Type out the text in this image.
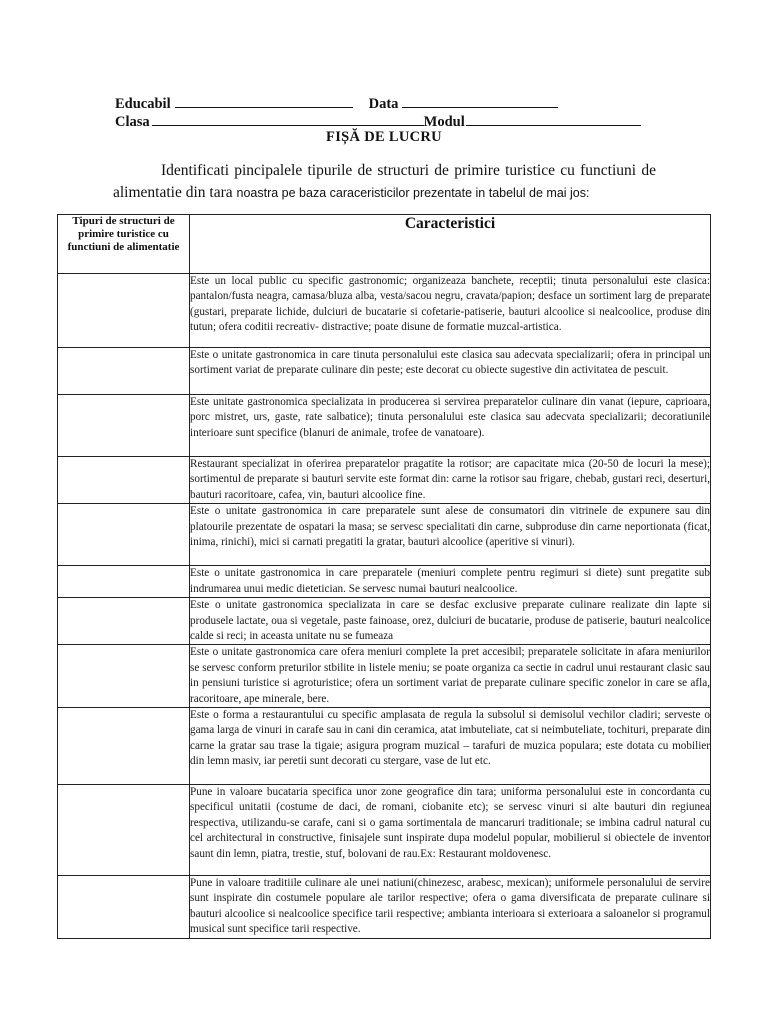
Educabil	Data
Clasa	Modul
FIȘĂ DE LUCRU

Identificati pincipalele tipurile de structuri de primire turistice cu functiuni de alimentatie din tara noastra pe baza caraceristicilor prezentate in tabelul de mai jos:

Tipuri de structuri de primire turistice cu functiuni de alimentatie	Caracteristici
	Este un local public cu specific gastronomic; organizeaza banchete, receptii; tinuta personalului este clasica: pantalon/fusta neagra, camasa/bluza alba, vesta/sacou negru, cravata/papion; desface un sortiment larg de preparate (gustari, preparate lichide, dulciuri de bucatarie si cofetarie-patiserie, bauturi alcoolice si nealcoolice, produse din tutun; ofera coditii recreativ- distractive; poate disune de formatie muzcal-artistica.
	Este o unitate gastronomica in care tinuta personalului este clasica sau adecvata specializarii; ofera in principal un sortiment variat de preparate culinare din peste; este decorat cu obiecte sugestive din activitatea de pescuit.
	Este unitate gastronomica specializata in producerea si servirea preparatelor culinare din vanat (iepure, caprioara, porc mistret, urs, gaste, rate salbatice); tinuta personalului este clasica sau adecvata specializarii; decoratiunile interioare sunt specifice (blanuri de animale, trofee de vanatoare).
	Restaurant specializat in oferirea preparatelor pragatite la rotisor; are capacitate mica (20-50 de locuri la mese); sortimentul de preparate si bauturi servite este format din: carne la rotisor sau frigare, chebab, gustari reci, deserturi, bauturi racoritoare, cafea, vin, bauturi alcoolice fine.
	Este o unitate gastronomica in care preparatele sunt alese de consumatori din vitrinele de expunere sau din platourile prezentate de ospatari la masa; se servesc specialitati din carne, subproduse din carne neportionata (ficat, inima, rinichi), mici si carnati pregatiti la gratar, bauturi alcoolice (aperitive si vinuri).
	Este o unitate gastronomica in care preparatele (meniuri complete pentru regimuri si diete) sunt pregatite sub indrumarea unui medic dietetician. Se servesc numai bauturi nealcoolice.
	Este o unitate gastronomica specializata in care se desfac exclusive preparate culinare realizate din lapte si produsele lactate, oua si vegetale, paste fainoase, orez, dulciuri de bucatarie, produse de patiserie, bauturi nealcolice calde si reci; in aceasta unitate nu se fumeaza
	Este o unitate gastronomica care ofera meniuri complete la pret accesibil; preparatele solicitate in afara meniurilor se servesc conform preturilor stbilite in listele meniu; se poate organiza ca sectie in cadrul unui restaurant clasic sau in pensiuni turistice si agroturistice; ofera un sortiment variat de preparate culinare specific zonelor in care se afla, racoritoare, ape minerale, bere.
	Este o forma a restaurantului cu specific amplasata de regula la subsolul si demisolul vechilor cladiri; serveste o gama larga de vinuri in carafe sau in cani din ceramica, atat imbuteliate, cat si neimbuteliate, tochituri, preparate din carne la gratar sau trase la tigaie; asigura program muzical – tarafuri de muzica populara; este dotata cu mobilier din lemn masiv, iar peretii sunt decorati cu stergare, vase de lut etc.
	Pune in valoare bucataria specifica unor zone geografice din tara; uniforma personalului este in concordanta cu specificul unitatii (costume de daci, de romani, ciobanite etc); se servesc vinuri si alte bauturi din regiunea respectiva, utilizandu-se carafe, cani si o gama sortimentala de mancaruri traditionale; se imbina cadrul natural cu cel architectural in constructive, finisajele sunt inspirate dupa modelul popular, mobilierul si obiectele de inventor saunt din lemn, piatra, trestie, stuf, bolovani de rau.Ex: Restaurant moldovenesc.
	Pune in valoare traditiile culinare ale unei natiuni(chinezesc, arabesc, mexican); uniformele personalului de servire sunt inspirate din costumele populare ale tarilor respective; ofera o gama diversificata de preparate culinare si bauturi alcoolice si nealcoolice specifice tarii respective; ambianta interioara si exterioara a saloanelor si programul musical sunt specifice tarii respective.
